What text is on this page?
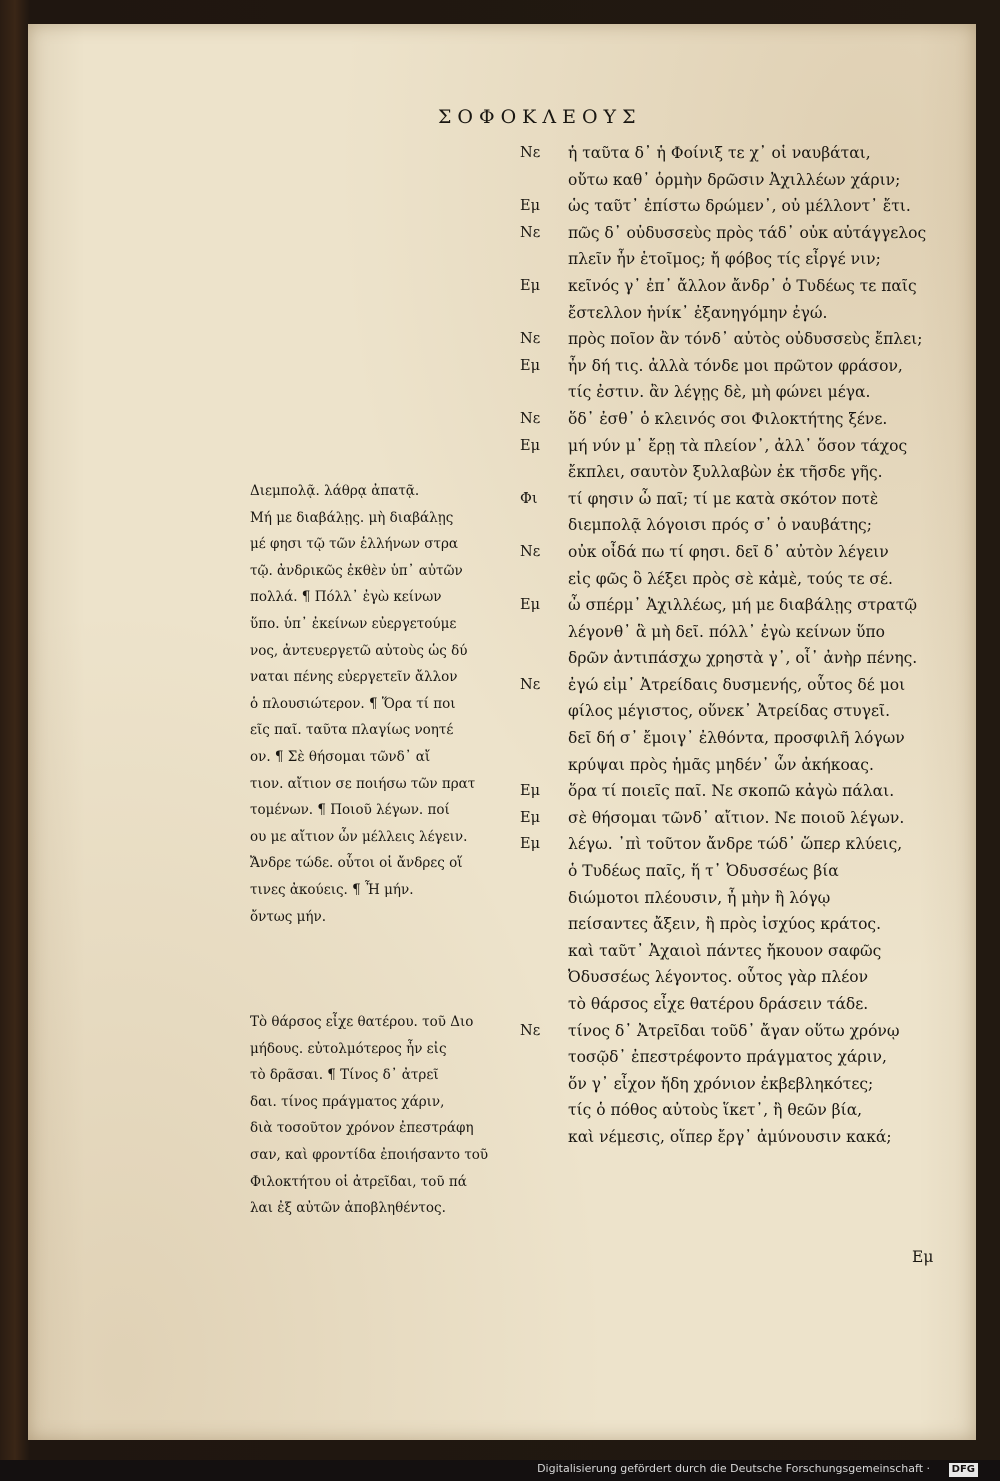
ΣΟΦΟΚΛΕΟΥΣ
Νε	ἡ ταῦτα δ᾽ ἡ Φοίνιξ τε χ᾽ οἱ ναυβάται,
οὔτω καθ᾽ ὁρμὴν δρῶσιν Ἀχιλλέων χάριν;
Εμ	ὡς ταῦτ᾽ ἐπίστω δρώμεν᾽, οὐ μέλλοντ᾽ ἔτι.
Νε	πῶς δ᾽ οὐδυσσεὺς πρὸς τάδ᾽ οὐκ αὐτάγγελος
πλεῖν ἦν ἑτοῖμος; ἤ φόβος τίς εἶργέ νιν;
Εμ	κεῖνός γ᾽ ἐπ᾽ ἄλλον ἄνδρ᾽ ὁ Τυδέως τε παῖς
ἔστελλον ἡνίκ᾽ ἐξανηγόμην ἐγώ.
Νε	πρὸς ποῖον ἂν τόνδ᾽ αὐτὸς οὐδυσσεὺς ἔπλει;
Εμ	ἦν δή τις. ἀλλὰ τόνδε μοι πρῶτον φράσον,
τίς ἐστιν. ἂν λέγῃς δὲ, μὴ φώνει μέγα.
Νε	ὅδ᾽ ἐσθ᾽ ὁ κλεινός σοι Φιλοκτήτης ξένε.
Εμ	μή νύν μ᾽ ἔρῃ τὰ πλείον᾽, ἀλλ᾽ ὅσον τάχος
ἔκπλει, σαυτὸν ξυλλαβὼν ἐκ τῆσδε γῆς.
Φι	τί φησιν ὦ παῖ; τί με κατὰ σκότον ποτὲ
διεμπολᾷ λόγοισι πρός σ᾽ ὁ ναυβάτης;
Νε	οὐκ οἶδά πω τί φησι. δεῖ δ᾽ αὐτὸν λέγειν
εἰς φῶς ὃ λέξει πρὸς σὲ κἀμὲ, τούς τε σέ.
Εμ	ὦ σπέρμ᾽ Ἀχιλλέως, μή με διαβάλῃς στρατῷ
λέγονθ᾽ ἃ μὴ δεῖ. πόλλ᾽ ἐγὼ κείνων ὕπο
δρῶν ἀντιπάσχω χρηστὰ γ᾽, οἷ᾽ ἀνὴρ πένης.
Νε	ἐγώ εἰμ᾽ Ἀτρείδαις δυσμενής, οὗτος δέ μοι
φίλος μέγιστος, οὕνεκ᾽ Ἀτρείδας στυγεῖ.
δεῖ δή σ᾽ ἔμοιγ᾽ ἐλθόντα, προσφιλῆ λόγων
κρύψαι πρὸς ἡμᾶς μηδέν᾽ ὧν ἀκήκοας.
Εμ	ὅρα τί ποιεῖς παῖ. Νε σκοπῶ κἀγὼ πάλαι.
Εμ	σὲ θήσομαι τῶνδ᾽ αἴτιον. Νε ποιοῦ λέγων.
Εμ	λέγω. ᾽πὶ τοῦτον ἄνδρε τώδ᾽ ὥπερ κλύεις,
ὁ Τυδέως παῖς, ἥ τ᾽ Ὀδυσσέως βία
διώμοτοι πλέουσιν, ἦ μὴν ἢ λόγῳ
πείσαντες ἄξειν, ἢ πρὸς ἰσχύος κράτος.
καὶ ταῦτ᾽ Ἀχαιοὶ πάντες ἤκουον σαφῶς
Ὀδυσσέως λέγοντος. οὗτος γὰρ πλέον
τὸ θάρσος εἶχε θατέρου δράσειν τάδε.
Νε	τίνος δ᾽ Ἀτρεῖδαι τοῦδ᾽ ἄγαν οὕτω χρόνῳ
τοσῷδ᾽ ἐπεστρέφοντο πράγματος χάριν,
ὅν γ᾽ εἶχον ἤδη χρόνιον ἐκβεβληκότες;
τίς ὁ πόθος αὐτοὺς ἵκετ᾽, ἢ θεῶν βία,
καὶ νέμεσις, οἵπερ ἔργ᾽ ἀμύνουσιν κακά;
Διεμπολᾷ. λάθρᾳ ἀπατᾷ.
Μή με διαβάλῃς. μὴ διαβάλῃς
μέ φησι τῷ τῶν ἑλλήνων στρα
τῷ. ἀνδρικῶς ἐκθὲν ὑπ᾽ αὐτῶν
πολλά. ¶ Πόλλ᾽ ἐγὼ κείνων
ὕπο. ὑπ᾽ ἐκείνων εὐεργετούμε
νος, ἀντευεργετῶ αὐτοὺς ὡς δύ
ναται πένης εὐεργετεῖν ἄλλον
ὁ πλουσιώτερον. ¶ Ὅρα τί ποι
εῖς παῖ. ταῦτα πλαγίως νοητέ
ον. ¶ Σὲ θήσομαι τῶνδ᾽ αἴ
τιον. αἴτιον σε ποιήσω τῶν πρατ
τομένων. ¶ Ποιοῦ λέγων. ποί
ου με αἴτιον ὧν μέλλεις λέγειν.
Ἄνδρε τώδε. οὗτοι οἱ ἄνδρες οἵ
τινες ἀκούεις. ¶ Ἦ μήν.
ὄντως μήν.
Τὸ θάρσος εἶχε θατέρου. τοῦ Διο
μήδους. εὐτολμότερος ἦν εἰς
τὸ δρᾶσαι. ¶ Τίνος δ᾽ ἀτρεῖ
δαι. τίνος πράγματος χάριν,
διὰ τοσοῦτον χρόνον ἐπεστράφη
σαν, καὶ φροντίδα ἐποιήσαντο τοῦ
Φιλοκτήτου οἱ ἀτρεῖδαι, τοῦ πά
λαι ἐξ αὐτῶν ἀποβληθέντος.
Εμ
Digitalisierung gefördert durch die Deutsche Forschungsgemeinschaft ·	DFG
